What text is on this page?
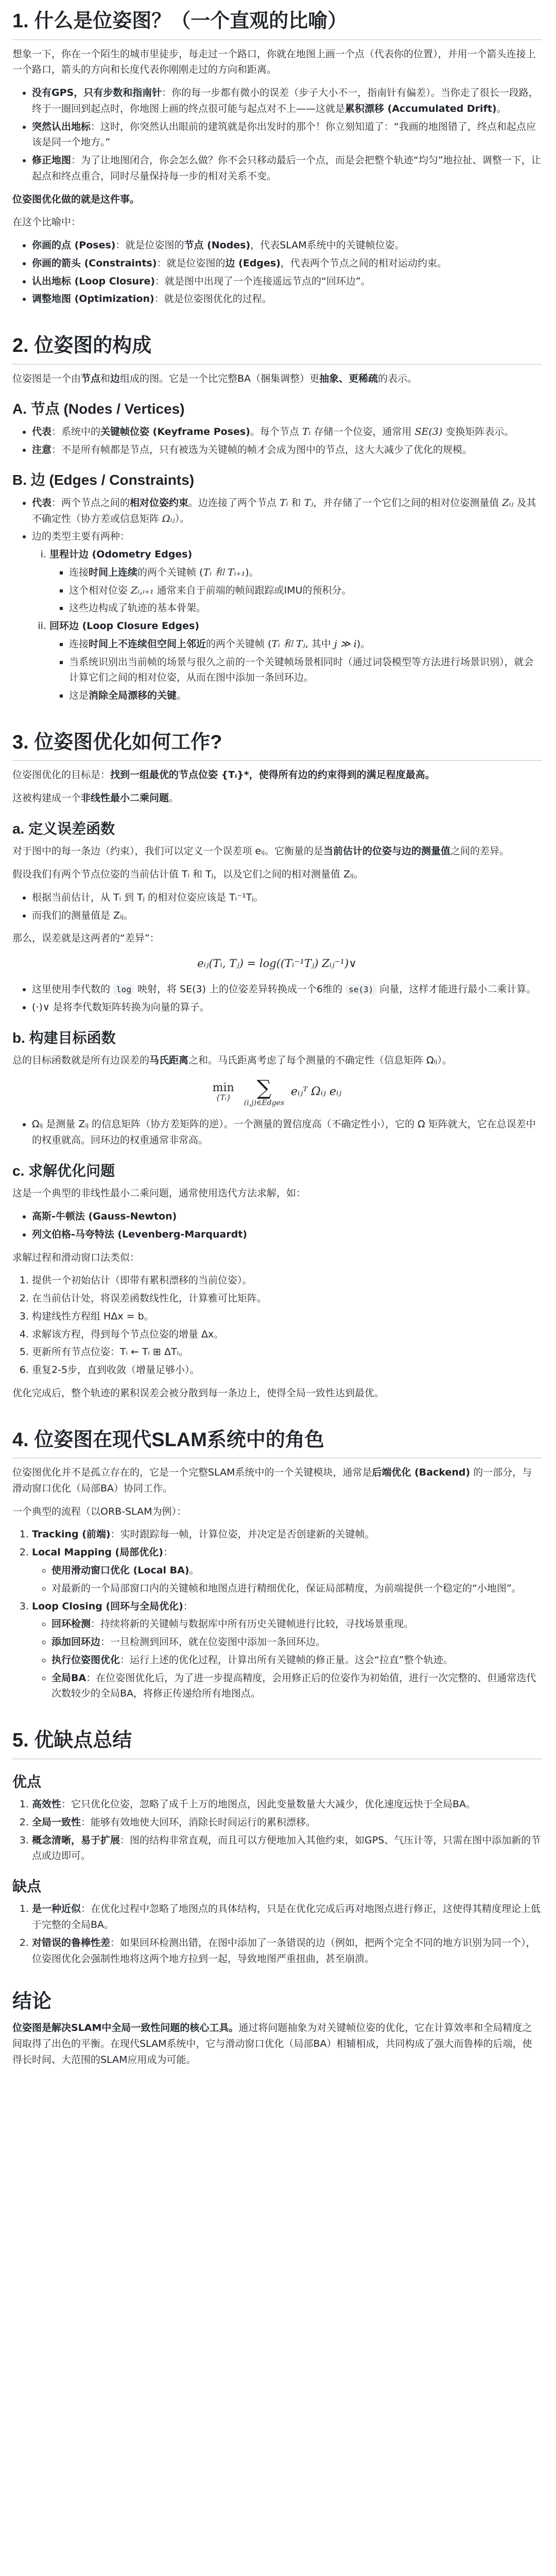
1. 什么是位姿图？（一个直观的比喻）

想象一下，你在一个陌生的城市里徒步，每走过一个路口，你就在地图上画一个点（代表你的位置），并用一个箭头连接上一个路口，箭头的方向和长度代表你刚刚走过的方向和距离。

• 没有GPS，只有步数和指南针：你的每一步都有微小的误差（步子大小不一，指南针有偏差）。当你走了很长一段路，终于一圈回到起点时，你地图上画的终点很可能与起点对不上——这就是累积漂移 (Accumulated Drift)。
• 突然认出地标：这时，你突然认出眼前的建筑就是你出发时的那个！你立刻知道了：“我画的地图错了，终点和起点应该是同一个地方。”
• 修正地图：为了让地图闭合，你会怎么做？你不会只移动最后一个点，而是会把整个轨迹“均匀”地拉扯、调整一下，让起点和终点重合，同时尽量保持每一步的相对关系不变。

位姿图优化做的就是这件事。

在这个比喻中：

• 你画的点 (Poses)：就是位姿图的节点 (Nodes)，代表SLAM系统中的关键帧位姿。
• 你画的箭头 (Constraints)：就是位姿图的边 (Edges)，代表两个节点之间的相对运动约束。
• 认出地标 (Loop Closure)：就是图中出现了一个连接遥远节点的“回环边”。
• 调整地图 (Optimization)：就是位姿图优化的过程。
2. 位姿图的构成

位姿图是一个由节点和边组成的图。它是一个比完整BA（捆集调整）更抽象、更稀疏的表示。

A. 节点 (Nodes / Vertices)
• 代表：系统中的关键帧位姿 (Keyframe Poses)。每个节点 Tᵢ 存储一个位姿，通常用 SE(3) 变换矩阵表示。
• 注意：不是所有帧都是节点，只有被选为关键帧的帧才会成为图中的节点，这大大减少了优化的规模。
B. 边 (Edges / Constraints)
• 代表：两个节点之间的相对位姿约束。边连接了两个节点 Tᵢ 和 Tⱼ，并存储了一个它们之间的相对位姿测量值 Zᵢⱼ 及其不确定性（协方差或信息矩阵 Ωᵢⱼ）。
• 边的类型主要有两种：
i. 里程计边 (Odometry Edges)
▪ 连接时间上连续的两个关键帧 (Tᵢ 和 Tᵢ₊₁)。
▪ 这个相对位姿 Zᵢ,ᵢ₊₁ 通常来自于前端的帧间跟踪或IMU的预积分。
▪ 这些边构成了轨迹的基本骨架。
ii. 回环边 (Loop Closure Edges)
▪ 连接时间上不连续但空间上邻近的两个关键帧 (Tᵢ 和 Tⱼ, 其中 j ≫ i)。
▪ 当系统识别出当前帧的场景与很久之前的一个关键帧场景相同时（通过词袋模型等方法进行场景识别），就会计算它们之间的相对位姿，从而在图中添加一条回环边。
▪ 这是消除全局漂移的关键。
3. 位姿图优化如何工作?

位姿图优化的目标是：找到一组最优的节点位姿 {Tᵢ}*，使得所有边的约束得到的满足程度最高。

这被构建成一个非线性最小二乘问题。

a. 定义误差函数

对于图中的每一条边（约束），我们可以定义一个误差项 eᵢⱼ。它衡量的是当前估计的位姿与边的测量值之间的差异。

假设我们有两个节点位姿的当前估计值 Tᵢ 和 Tⱼ，以及它们之间的相对测量值 Zᵢⱼ。

• 根据当前估计，从 Tᵢ 到 Tⱼ 的相对位姿应该是 Tᵢ⁻¹Tⱼ。
• 而我们的测量值是 Zᵢⱼ。

那么，误差就是这两者的“差异”：

eᵢⱼ(Tᵢ, Tⱼ) = log((Tᵢ⁻¹Tⱼ) Zᵢⱼ⁻¹)∨
• 这里使用李代数的 log 映射，将 SE(3) 上的位姿差异转换成一个6维的 se(3) 向量，这样才能进行最小二乘计算。
• (·)∨ 是将李代数矩阵转换为向量的算子。
b. 构建目标函数

总的目标函数就是所有边误差的马氏距离之和。马氏距离考虑了每个测量的不确定性（信息矩阵 Ωᵢⱼ）。

min
{Tᵢ}
	∑
(i,j)∈Edges
eᵢⱼᵀ Ωᵢⱼ eᵢⱼ
• Ωᵢⱼ 是测量 Zᵢⱼ 的信息矩阵（协方差矩阵的逆）。一个测量的置信度高（不确定性小），它的 Ω 矩阵就大，它在总误差中的权重就高。回环边的权重通常非常高。
c. 求解优化问题

这是一个典型的非线性最小二乘问题，通常使用迭代方法求解，如：

• 高斯-牛顿法 (Gauss-Newton)
• 列文伯格-马夸特法 (Levenberg-Marquardt)

求解过程和滑动窗口法类似：

1. 提供一个初始估计（即带有累积漂移的当前位姿）。
2. 在当前估计处，将误差函数线性化，计算雅可比矩阵。
3. 构建线性方程组 HΔx = b。
4. 求解该方程，得到每个节点位姿的增量 Δx。
5. 更新所有节点位姿：Tᵢ ← Tᵢ ⊞ ΔTᵢ。
6. 重复2-5步，直到收敛（增量足够小）。

优化完成后，整个轨迹的累积误差会被分散到每一条边上，使得全局一致性达到最优。

4. 位姿图在现代SLAM系统中的角色

位姿图优化并不是孤立存在的，它是一个完整SLAM系统中的一个关键模块，通常是后端优化 (Backend) 的一部分，与滑动窗口优化（局部BA）协同工作。

一个典型的流程（以ORB-SLAM为例）：

1. Tracking (前端)：实时跟踪每一帧，计算位姿，并决定是否创建新的关键帧。
2. Local Mapping (局部优化)：
◦ 使用滑动窗口优化 (Local BA)。
◦ 对最新的一个局部窗口内的关键帧和地图点进行精细优化，保证局部精度，为前端提供一个稳定的“小地图”。
3. Loop Closing (回环与全局优化)：
◦ 回环检测：持续将新的关键帧与数据库中所有历史关键帧进行比较，寻找场景重现。
◦ 添加回环边：一旦检测到回环，就在位姿图中添加一条回环边。
◦ 执行位姿图优化：运行上述的优化过程，计算出所有关键帧的修正量。这会“拉直”整个轨迹。
◦ 全局BA：在位姿图优化后，为了进一步提高精度，会用修正后的位姿作为初始值，进行一次完整的、但通常迭代次数较少的全局BA，将修正传递给所有地图点。
5. 优缺点总结
优点
1. 高效性：它只优化位姿，忽略了成千上万的地图点，因此变量数量大大减少，优化速度远快于全局BA。
2. 全局一致性：能够有效地使大回环，消除长时间运行的累积漂移。
3. 概念清晰，易于扩展：图的结构非常直观，而且可以方便地加入其他约束，如GPS、气压计等，只需在图中添加新的节点或边即可。
缺点
1. 是一种近似：在优化过程中忽略了地图点的具体结构，只是在优化完成后再对地图点进行修正，这使得其精度理论上低于完整的全局BA。
2. 对错误的鲁棒性差：如果回环检测出错，在图中添加了一条错误的边（例如，把两个完全不同的地方识别为同一个），位姿图优化会强制性地将这两个地方拉到一起，导致地图严重扭曲，甚至崩溃。
结论

位姿图是解决SLAM中全局一致性问题的核心工具。通过将问题抽象为对关键帧位姿的优化，它在计算效率和全局精度之间取得了出色的平衡。在现代SLAM系统中，它与滑动窗口优化（局部BA）相辅相成，共同构成了强大而鲁棒的后端，使得长时间、大范围的SLAM应用成为可能。
